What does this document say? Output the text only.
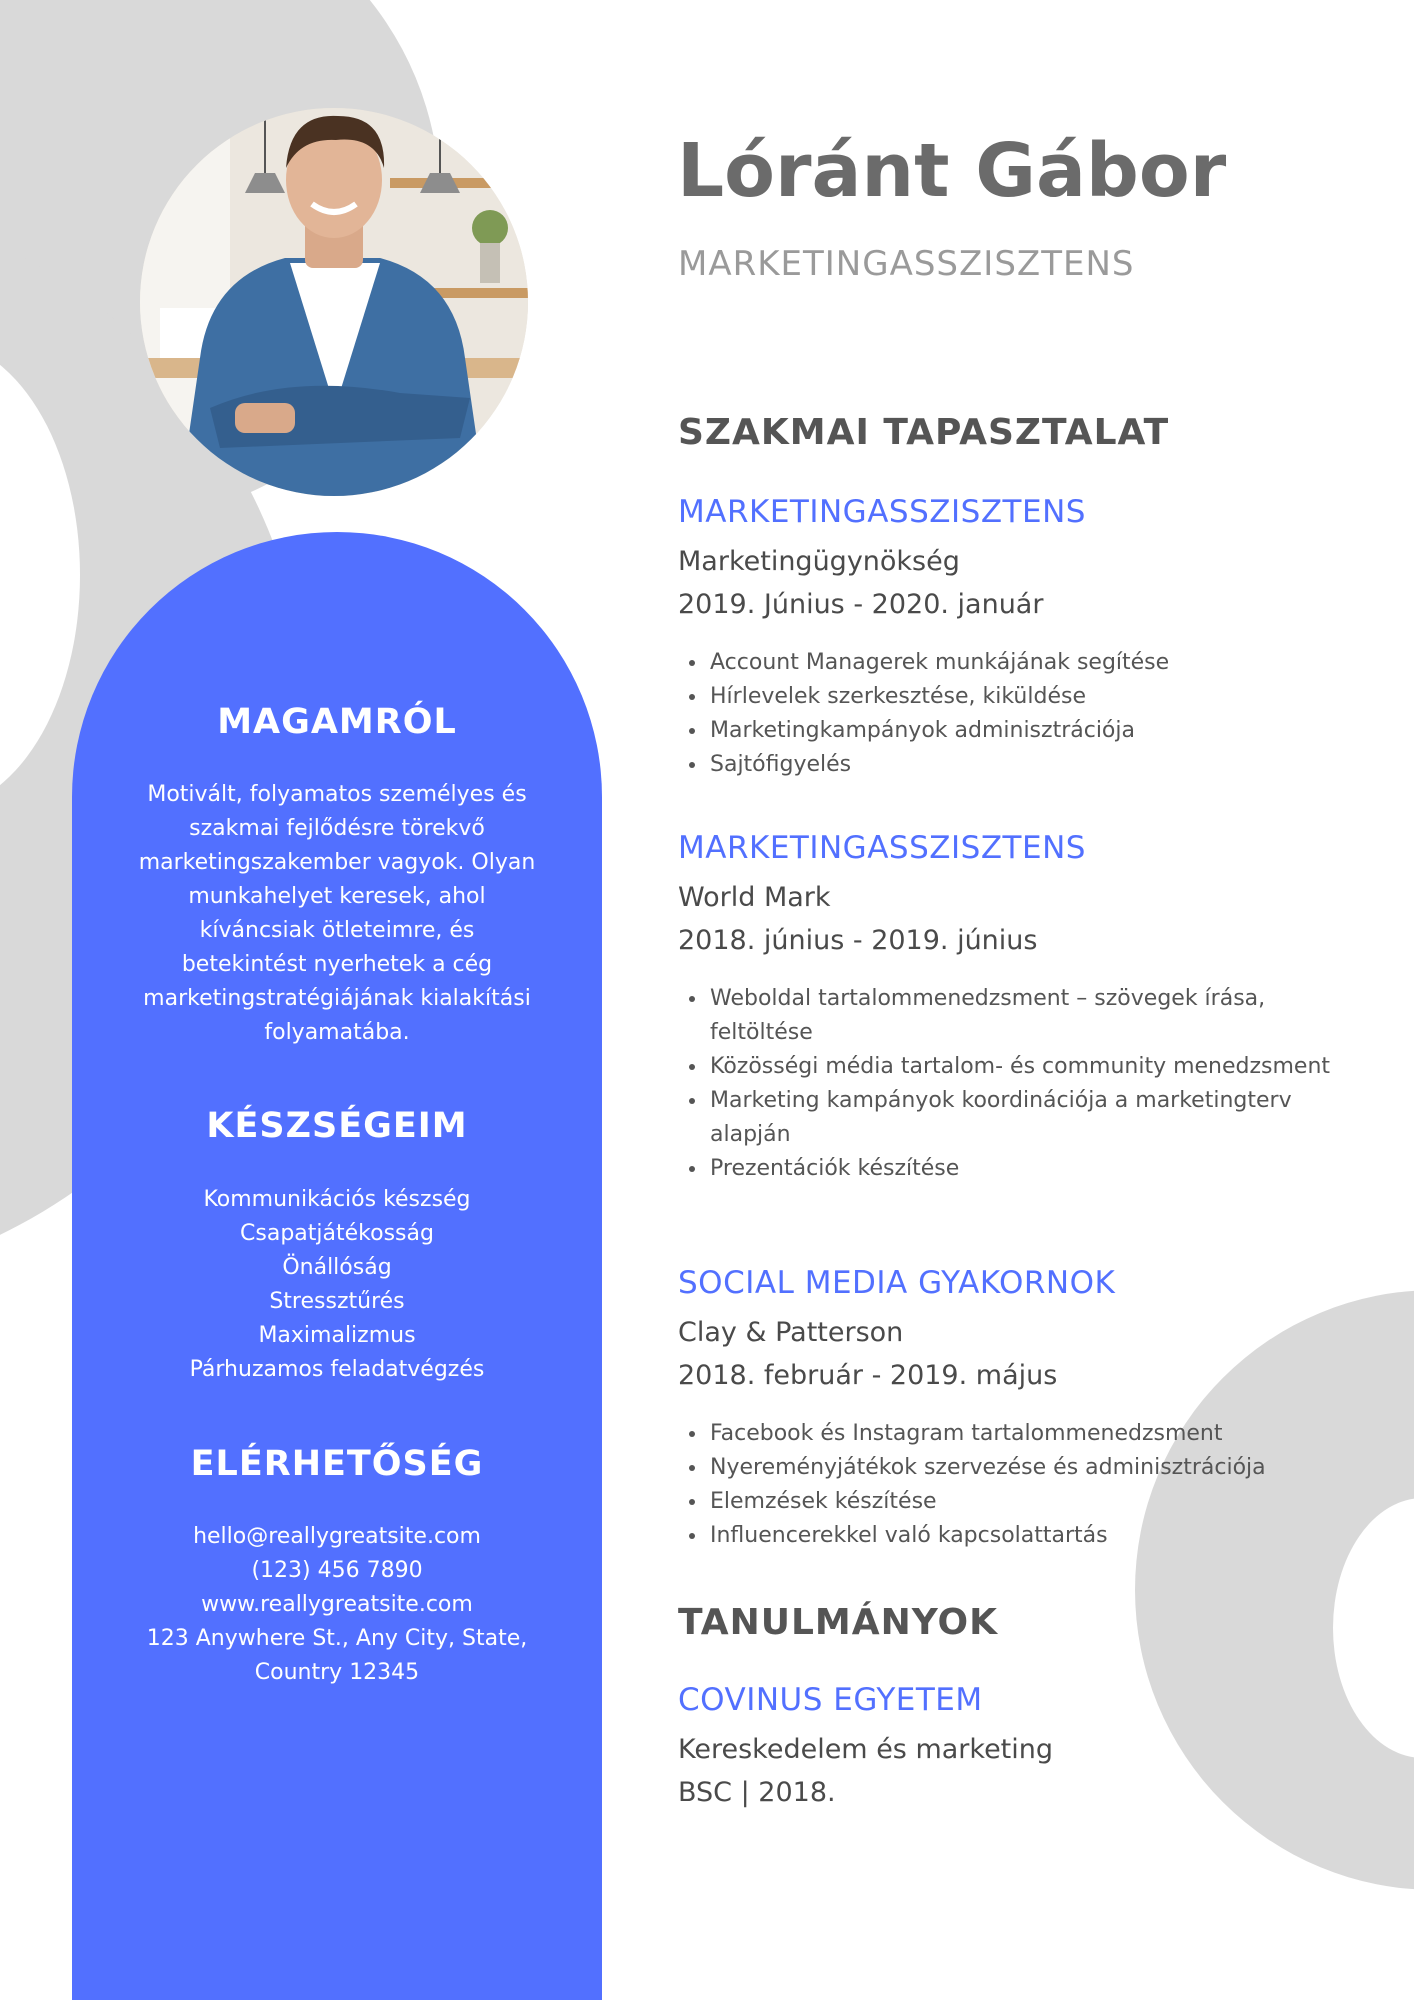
MAGAMRÓL
Motivált, folyamatos személyes és szakmai fejlődésre törekvő marketingszakember vagyok. Olyan munkahelyet keresek, ahol kíváncsiak ötleteimre, és betekintést nyerhetek a cég marketingstratégiájának kialakítási folyamatába.
KÉSZSÉGEIM
Kommunikációs készség
Csapatjátékosság
Önállóság
Stressztűrés
Maximalizmus
Párhuzamos feladatvégzés
ELÉRHETŐSÉG
hello@reallygreatsite.com
(123) 456 7890
www.reallygreatsite.com
123 Anywhere St., Any City, State, Country 12345
Lóránt Gábor
MARKETINGASSZISZTENS
SZAKMAI TAPASZTALAT
MARKETINGASSZISZTENS
Marketingügynökség
2019. Június - 2020. január
• Account Managerek munkájának segítése
• Hírlevelek szerkesztése, kiküldése
• Marketingkampányok adminisztrációja
• Sajtófigyelés
MARKETINGASSZISZTENS
World Mark
2018. június - 2019. június
• Weboldal tartalommenedzsment – szövegek írása, feltöltése
• Közösségi média tartalom- és community menedzsment
• Marketing kampányok koordinációja a marketingterv alapján
• Prezentációk készítése
SOCIAL MEDIA GYAKORNOK
Clay & Patterson
2018. február - 2019. május
• Facebook és Instagram tartalommenedzsment
• Nyereményjátékok szervezése és adminisztrációja
• Elemzések készítése
• Influencerekkel való kapcsolattartás
TANULMÁNYOK
COVINUS EGYETEM
Kereskedelem és marketing
BSC | 2018.
